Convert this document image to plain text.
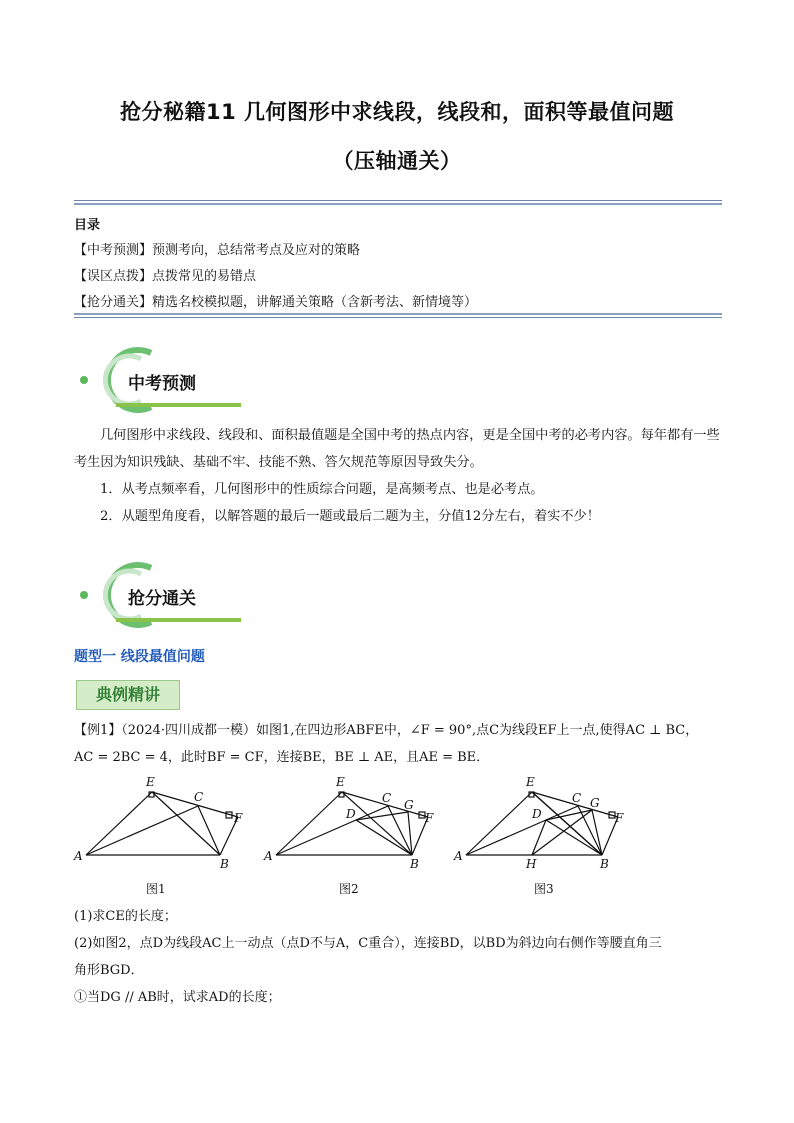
抢分秘籍11 几何图形中求线段，线段和，面积等最值问题
（压轴通关）
目录
【中考预测】预测考向，总结常考点及应对的策略
【误区点拨】点拨常见的易错点
【抢分通关】精选名校模拟题，讲解通关策略（含新考法、新情境等）
中考预测
几何图形中求线段、线段和、面积最值题是全国中考的热点内容，更是全国中考的必考内容。每年都有一些考生因为知识残缺、基础不牢、技能不熟、答欠规范等原因导致失分。
1．从考点频率看，几何图形中的性质综合问题，是高频考点、也是必考点。
2．从题型角度看，以解答题的最后一题或最后二题为主，分值12分左右，着实不少！
抢分通关
题型一 线段最值问题
典例精讲
【例1】（2024·四川成都一模）如图1,在四边形ABFE中，∠F = 90°,点C为线段EF上一点,使得AC ⊥ BC，
AC = 2BC = 4，此时BF = CF，连接BE，BE ⊥ AE，且AE = BE．
E
C
F
A
B
E
C G
D	F
A
B
E
C G
D	F
A
H	B
图1	图2	图3
(1)求CE的长度；
(2)如图2，点D为线段AC上一动点（点D不与A，C重合），连接BD，以BD为斜边向右侧作等腰直角三
角形BGD．
①当DG // AB时，试求AD的长度；
